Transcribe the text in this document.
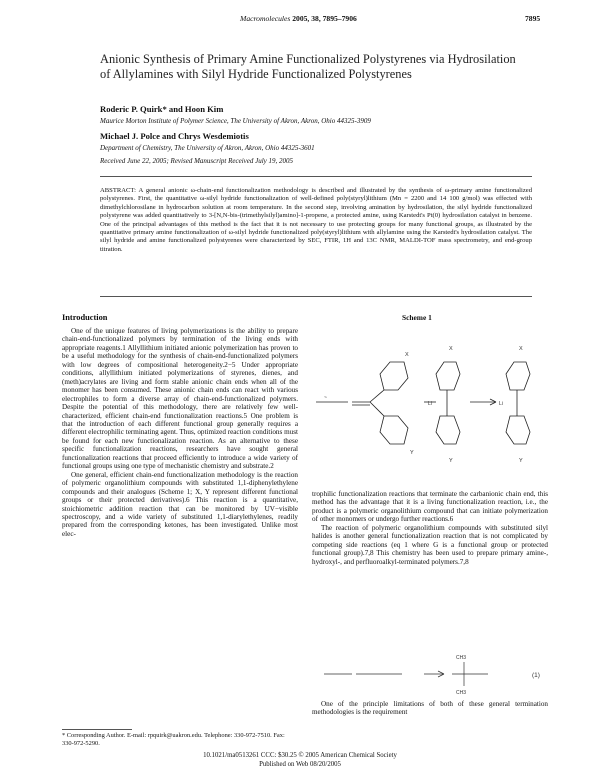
Macromolecules 2005, 38, 7895–7906	7895
Anionic Synthesis of Primary Amine Functionalized Polystyrenes via Hydrosilation of Allylamines with Silyl Hydride Functionalized Polystyrenes
Roderic P. Quirk* and Hoon Kim
Maurice Morton Institute of Polymer Science, The University of Akron, Akron, Ohio 44325-3909
Michael J. Polce and Chrys Wesdemiotis
Department of Chemistry, The University of Akron, Akron, Ohio 44325-3601
Received June 22, 2005; Revised Manuscript Received July 19, 2005
ABSTRACT: A general anionic ω-chain-end functionalization methodology is described and illustrated by the synthesis of ω-primary amine functionalized polystyrenes. First, the quantitative ω-silyl hydride functionalization of well-defined poly(styryl)lithium (Mn = 2200 and 14 100 g/mol) was effected with dimethylchlorosilane in hydrocarbon solution at room temperature. In the second step, involving amination by hydrosilation, the silyl hydride functionalized polystyrene was added quantitatively to 3-[N,N-bis-(trimethylsilyl)amino]-1-propene, a protected amine, using Karstedt's Pt(0) hydrosilation catalyst in benzene. One of the principal advantages of this method is the fact that it is not necessary to use protecting groups for many functional groups, as illustrated by the quantitative primary amine functionalization of ω-silyl hydride functionalized poly(styryl)lithium with allylamine using the Karstedt's hydrosilation catalyst. The silyl hydride and amine functionalized polystyrenes were characterized by SEC, FTIR, 1H and 13C NMR, MALDI-TOF mass spectrometry, and end-group titration.
Introduction

One of the unique features of living polymerizations is the ability to prepare chain-end-functionalized polymers by termination of the living ends with appropriate reagents.1 Allyllithium initiated anionic polymerization has proven to be a useful methodology for the synthesis of chain-end-functionalized polymers with low degrees of compositional heterogeneity.2−5 Under appropriate conditions, allyllithium initiated polymerizations of styrenes, dienes, and (meth)acrylates are living and form stable anionic chain ends when all of the monomer has been consumed. These anionic chain ends can react with various electrophiles to form a diverse array of chain-end-functionalized polymers. Despite the potential of this methodology, there are relatively few well-characterized, efficient chain-end functionalization reactions.5 One problem is that the introduction of each different functional group generally requires a different electrophilic terminating agent. Thus, optimized reaction conditions must be found for each new functionalization reaction. As an alternative to these specific functionalization reactions, researchers have sought general functionalization reactions that proceed efficiently to introduce a wide variety of functional groups using one type of mechanistic chemistry and substrate.2

One general, efficient chain-end functionalization methodology is the reaction of polymeric organolithium compounds with substituted 1,1-diphenylethylene compounds and their analogues (Scheme 1; X, Y represent different functional groups or their protected derivatives).6 This reaction is a quantitative, stoichiometric addition reaction that can be monitored by UV−visible spectroscopy, and a wide variety of substituted 1,1-diarylethylenes, readily prepared from the corresponding ketones, has been investigated. Unlike most elec-

* Corresponding Author. E-mail: rpquirk@uakron.edu. Telephone: 330-972-7510. Fax: 330-972-5290.
Scheme 1
~
X
Y
Li
X
Y
Li
X
Y

trophilic functionalization reactions that terminate the carbanionic chain end, this method has the advantage that it is a living functionalization reaction, i.e., the product is a polymeric organolithium compound that can initiate polymerization of other monomers or undergo further reactions.6

The reaction of polymeric organolithium compounds with substituted silyl halides is another general functionalization reaction that is not complicated by competing side reactions (eq 1 where G is a functional group or protected functional group).7,8 This chemistry has been used to prepare primary amine-, hydroxyl-, and perfluoroalkyl-terminated polymers.7,8

CH3
CH3
(1)

One of the principle limitations of both of these general termination methodologies is the requirement

10.1021/ma0513261 CCC: $30.25 © 2005 American Chemical Society
Published on Web 08/20/2005
